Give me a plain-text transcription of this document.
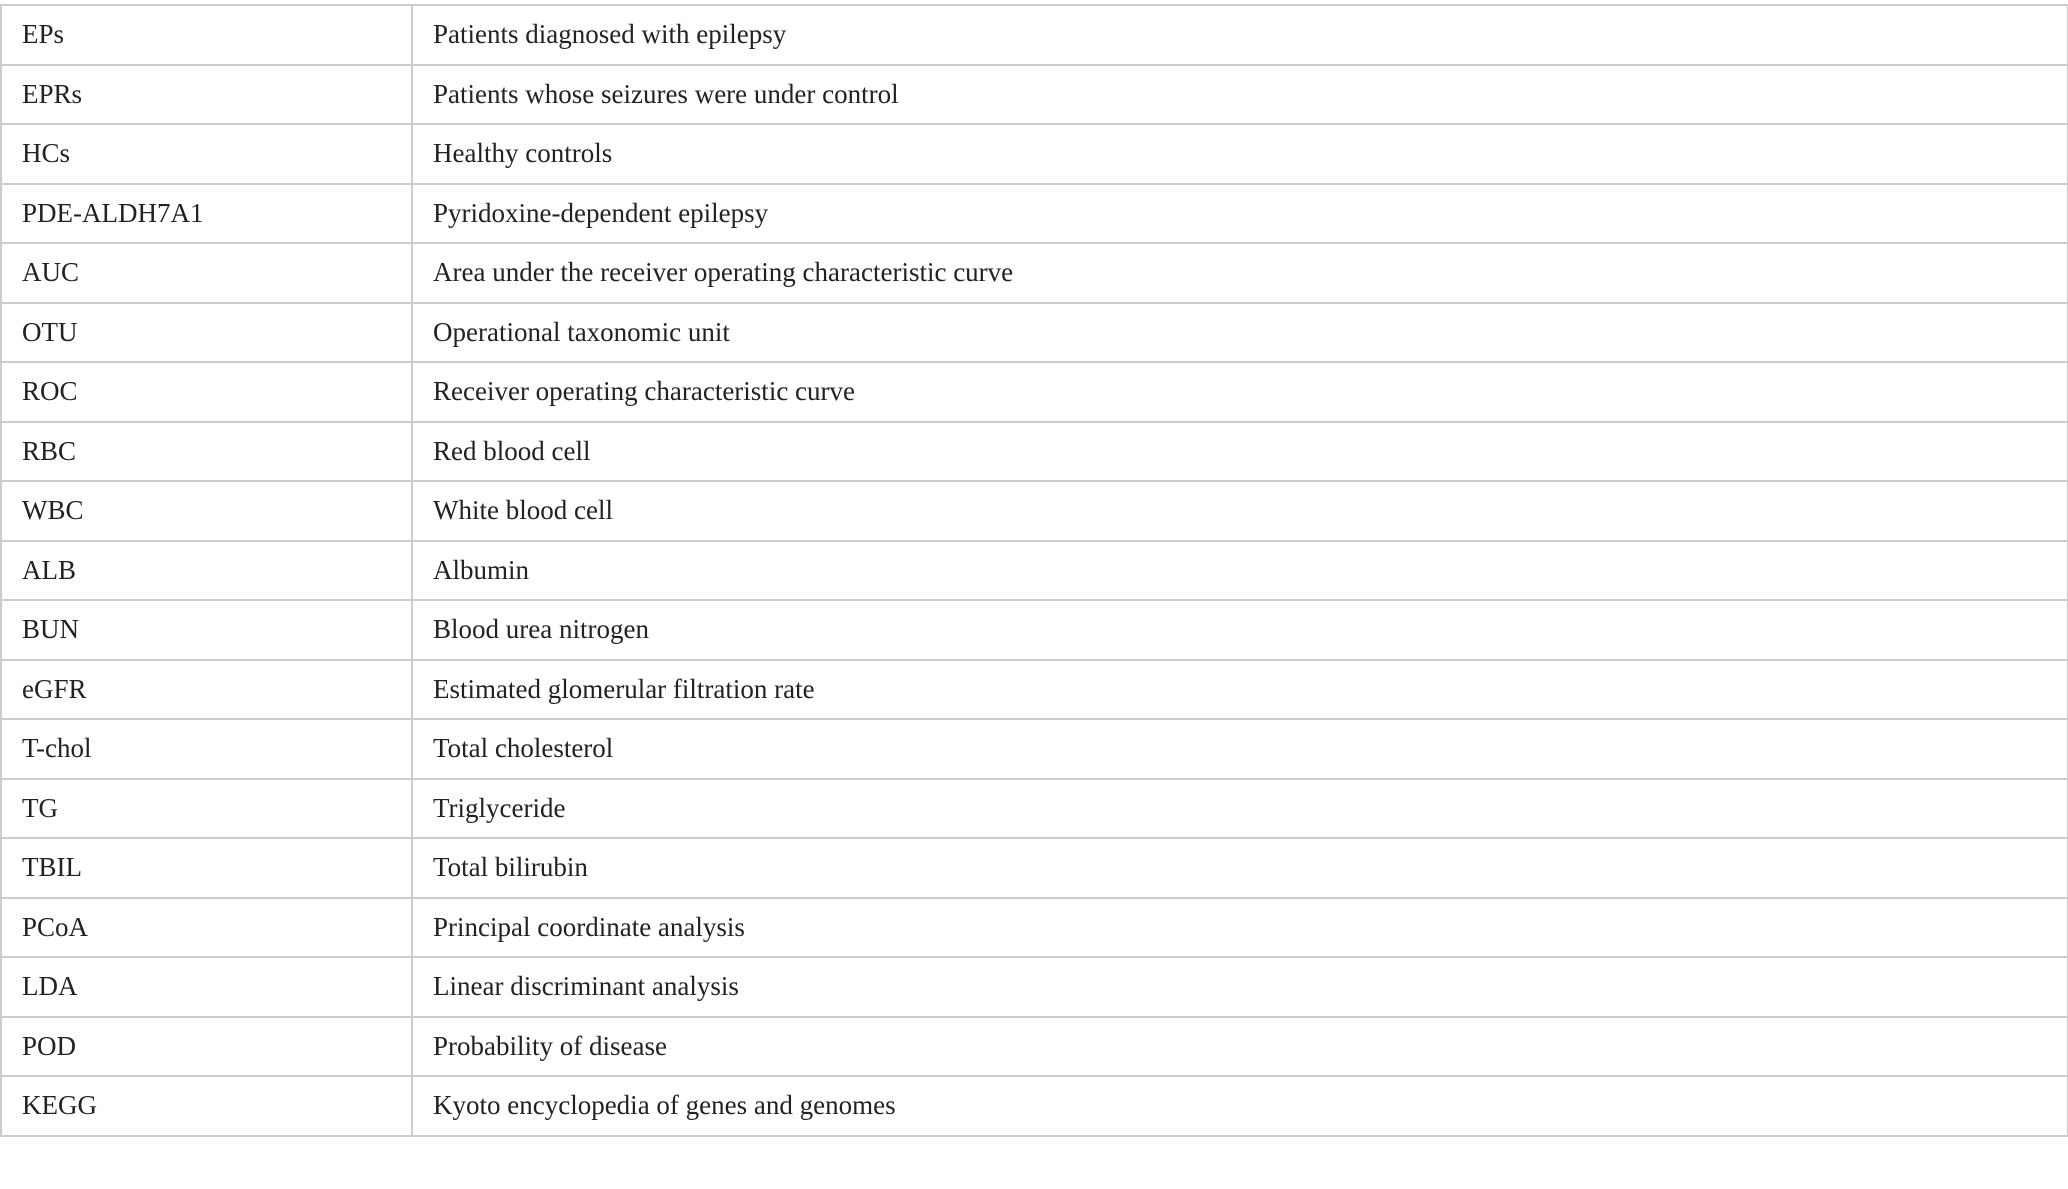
EPs	Patients diagnosed with epilepsy
EPRs	Patients whose seizures were under control
HCs	Healthy controls
PDE-ALDH7A1	Pyridoxine-dependent epilepsy
AUC	Area under the receiver operating characteristic curve
OTU	Operational taxonomic unit
ROC	Receiver operating characteristic curve
RBC	Red blood cell
WBC	White blood cell
ALB	Albumin
BUN	Blood urea nitrogen
eGFR	Estimated glomerular filtration rate
T-chol	Total cholesterol
TG	Triglyceride
TBIL	Total bilirubin
PCoA	Principal coordinate analysis
LDA	Linear discriminant analysis
POD	Probability of disease
KEGG	Kyoto encyclopedia of genes and genomes
